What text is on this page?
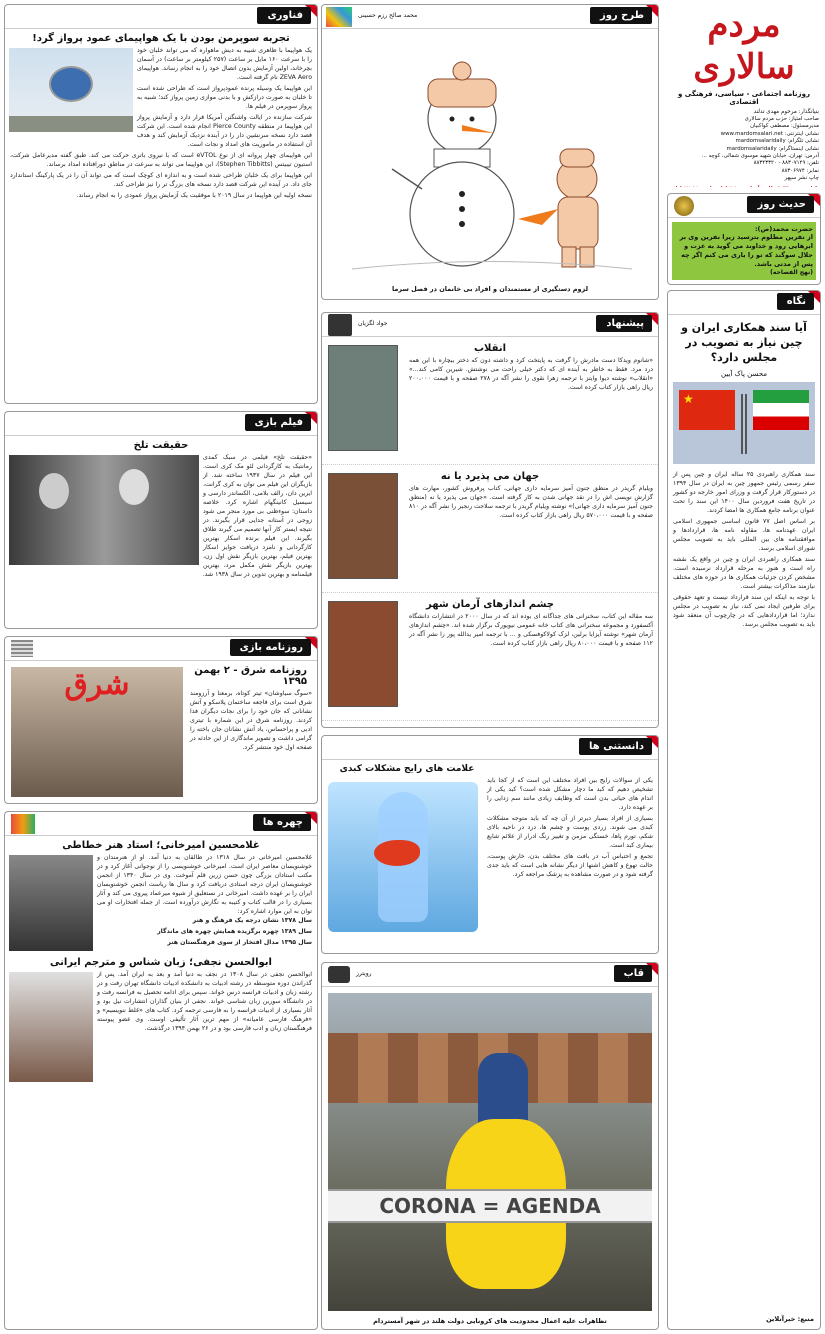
مردم سالاری
روزنامه اجتماعی - سیاسی، فرهنگی و اقتصادی
بنیانگذار: مرحوم مهدی تدلند

صاحب امتیاز: حزب مردم سالاری

مدیرمسئول: مصطفی کواکبیان

نشانی اینترنتی: www.mardomsalari.net

نشانی تلگرام: mardomsalaridaily

نشانی اینستاگرام: mardomsalaridaily

آدرس: تهران، خیابان شهید موسوی شمالی، کوچه ...

تلفن: ۸۸۳۰۷۱۴۹ - ۸۸۳۴۳۳۲۰

نمابر: ۸۸۳۰۶۹۷۴

چاپ نشر سپهر

حدیث روز
حضرت محمد(ص):
از نفرین مظلوم بترسید زیرا نفرین وی بر ابرهایی رود و خداوند می گوید به عزت و جلال سوگند که تو را یاری می کنم اگر چه پس از مدتی باشد.
(نهج الفصاحه)
نگاه
آیا سند همکاری ایران و چین نیاز به تصویب در مجلس دارد؟
محسن پاک آیین
★

سند همکاری راهبردی ۲۵ ساله ایران و چین پس از سفر رسمی رئیس جمهور چین به ایران در سال ۱۳۹۴ در دستورکار قرار گرفت و وزرای امور خارجه دو کشور در تاریخ هفت فروردین سال ۱۴۰۰ این سند را تحت عنوان برنامه جامع همکاری ها امضا کردند.

بر اساس اصل ۷۷ قانون اساسی جمهوری اسلامی ایران عهدنامه ها، مقاوله نامه ها، قراردادها و موافقتنامه های بین المللی باید به تصویب مجلس شورای اسلامی برسد.

سند همکاری راهبردی ایران و چین در واقع یک نقشه راه است و هنوز به مرحله قرارداد نرسیده است. مشخص کردن جزئیات همکاری ها در حوزه های مختلف نیازمند مذاکرات بیشتر است.

با توجه به اینکه این سند قرارداد نیست و تعهد حقوقی برای طرفین ایجاد نمی کند، نیاز به تصویب در مجلس ندارد؛ اما قراردادهایی که در چارچوب آن منعقد شود باید به تصویب مجلس برسد.

منبع: خبرآنلاین
طرح روز
محمد صالح رزم حسینی
لزوم دستگیری از مستمندان و افراد بی خانمان در فصل سرما
پیشنهاد
جواد لگزیان
انقلاب
«شانوم ویدکا دست مادرش را گرفت به پایتخت کرد و داشته دون که دختر بیچاره با این همه درد مرد. فقط به خاطر به آینده ای که دکتر خیلی راحت می نوشتش. شیرین کامی کند...» «انقلاب» نوشته دیوا وایتز با ترجمه زهرا نقوی را نشر آگه در ۲۷۸ صفحه و با قیمت ۲۰۰،۰۰۰ ریال راهی بازار کتاب کرده است.
جهان می پذیرد یا نه
ویلیام گریدر در منطق جنون آمیز سرمایه داری جهانی، کتاب پرفروش کشور، مهارت های گزارش نویسی اش را در نقد جهانی شدن به کار گرفته است. «جهان می پذیرد یا نه (منطق جنون آمیز سرمایه داری جهانی)» نوشته ویلیام گریدر با ترجمه سلاحت رنجبر را نشر آگه در ۸۱۰ صفحه و با قیمت ۵۷۰،۰۰۰ ریال راهی بازار کتاب کرده است.
چشم اندازهای آرمان شهر
سه مقاله این کتاب، سخنرانی های جداگانه ای بوده اند که در سال ۲۰۰۰ در انتشارات دانشگاه آکسفورد و مجموعه سخنرانی های کتاب خانه عمومی نیویورک برگزار شده اند. «چشم اندازهای آرمان شهر» نوشته آیزایا برلین، لزک کولاکوفسکی و ... با ترجمه امیر یدالله پور را نشر آگه در ۱۱۲ صفحه و با قیمت ۸۰،۰۰۰ ریال راهی بازار کتاب کرده است.
دانستنی ها
علامت های رایج مشکلات کبدی

یکی از سوالات رایج بین افراد مختلف این است که از کجا باید تشخیص دهیم که کبد ما دچار مشکل شده است؟ کبد یکی از اندام های حیاتی بدن است که وظایف زیادی مانند سم زدایی را بر عهده دارد.

بسیاری از افراد بسیار دیرتر از آن چه که باید متوجه مشکلات کبدی می شوند. زردی پوست و چشم ها، درد در ناحیه بالای شکم، تورم پاها، خستگی مزمن و تغییر رنگ ادرار از علائم شایع بیماری کبد است.

تجمع و احتباس آب در بافت های مختلف بدن، خارش پوست، حالت تهوع و کاهش اشتها از دیگر نشانه هایی است که باید جدی گرفته شود و در صورت مشاهده به پزشک مراجعه کرد.

قاب
رویترز
CORONA = AGENDA
تظاهرات علیه اعمال محدودیت های کرونایی دولت هلند در شهر آمستردام
فناوری
تجربه سوپرمن بودن با یک هواپیمای عمود پرواز گرد!

یک هواپیما با ظاهری شبیه به دیش ماهواره که می تواند خلبان خود را با سرعت ۱۶۰ مایل بر ساعت (۲۵۷ کیلومتر بر ساعت) در آسمان بچرخاند، اولین آزمایش بدون اتصال خود را به انجام رساند. هواپیمای ZEVA Aero نام گرفته است.

این هواپیما یک وسیله پرنده عمودپرواز است که طراحی شده است تا خلبان به صورت درازکش و با بدنی موازی زمین پرواز کند؛ شبیه به پرواز سوپرمن در فیلم ها.

شرکت سازنده در ایالت واشنگتن آمریکا قرار دارد و آزمایش پرواز این هواپیما در منطقه Pierce County انجام شده است. این شرکت قصد دارد نسخه سرنشین دار را در آینده نزدیک آزمایش کند و هدف آن استفاده در ماموریت های امداد و نجات است.

این هواپیمای چهار پروانه ای از نوع eVTOL است که با نیروی باتری حرکت می کند. طبق گفته مدیرعامل شرکت، استیون تیبیتس (Stephen Tibbitts)، این هواپیما می تواند به سرعت در مناطق دورافتاده امداد برساند.

این هواپیما برای یک خلبان طراحی شده است و به اندازه ای کوچک است که می تواند آن را در یک پارکینگ استاندارد جای داد. در آینده این شرکت قصد دارد نسخه های بزرگ تر را نیز طراحی کند.

نسخه اولیه این هواپیما در سال ۲۰۱۹ با موفقیت یک آزمایش پرواز عمودی را به انجام رساند.

فیلم بازی
حقیقت تلخ
«حقیقت تلخ» فیلمی در سبک کمدی رمانتیک به کارگردانی لئو مک کری است. این فیلم در سال ۱۹۳۷ ساخته شد. از بازیگران این فیلم می توان به کری گرانت، ایرین دان، رالف بلامی، الکساندر دارسی و سیسیل کانینگهام اشاره کرد. خلاصه داستان: سوءظنی بی مورد منجر می شود زوجی در آستانه جدایی قرار بگیرند. در نتیجه ایستر کار آنها تصمیم می گیرند طلاق بگیرند. این فیلم برنده اسکار بهترین کارگردانی و نامزد دریافت جوایز اسکار بهترین فیلم، بهترین بازیگر نقش اول زن، بهترین بازیگر نقش مکمل مرد، بهترین فیلمنامه و بهترین تدوین در سال ۱۹۳۸ شد.
روزنامه بازی
روزنامه شرق - ۲ بهمن ۱۳۹۵
شرق	«سوگ سیاوشان» تیتر کوتاه، برمعنا و آرزومند شرق است برای فاجعه ساختمان پلاسکو و آتش نشانانی که جان خود را برای نجات دیگران فدا کردند. روزنامه شرق در این شماره با تیتری ادبی و پراحساس، یاد آتش نشانان جان باخته را گرامی داشت و تصویر ماندگاری از این حادثه در صفحه اول خود منتشر کرد.
چهره ها
غلامحسین امیرخانی؛ استاد هنر خطاطی
غلامحسین امیرخانی در سال ۱۳۱۸ در طالقان به دنیا آمد. او از هنرمندان و خوشنویسان معاصر ایران است. امیرخانی خوشنویسی را از نوجوانی آغاز کرد و در مکتب استادان بزرگی چون حسن زرین قلم آموخت. وی در سال ۱۳۴۰ از انجمن خوشنویسان ایران درجه استادی دریافت کرد و سال ها ریاست انجمن خوشنویسان ایران را بر عهده داشت. امیرخانی در نستعلیق از شیوه میرعماد پیروی می کند و آثار بسیاری را در قالب کتاب و کتیبه به نگارش درآورده است. از جمله افتخارات او می توان به این موارد اشاره کرد:

سال ۱۳۷۸ نشان درجه یک فرهنگ و هنر

سال ۱۳۸۹ چهره برگزیده همایش چهره های ماندگار

سال ۱۳۹۵ مدال افتخار از سوی فرهنگستان هنر

ابوالحسن نجفی؛ زبان شناس و مترجم ایرانی
ابوالحسن نجفی در سال ۱۳۰۸ در نجف به دنیا آمد و بعد به ایران آمد. پس از گذراندن دوره متوسطه در رشته ادبیات به دانشکده ادبیات دانشگاه تهران رفت و در رشته زبان و ادبیات فرانسه درس خواند. سپس برای ادامه تحصیل به فرانسه رفت و در دانشگاه سوربن زبان شناسی خواند. نجفی از بنیان گذاران انتشارات نیل بود و آثار بسیاری از ادبیات فرانسه را به فارسی ترجمه کرد. کتاب های «غلط ننویسیم» و «فرهنگ فارسی عامیانه» از مهم ترین آثار تألیفی اوست. وی عضو پیوسته فرهنگستان زبان و ادب فارسی بود و در ۲۶ بهمن ۱۳۹۴ درگذشت.
